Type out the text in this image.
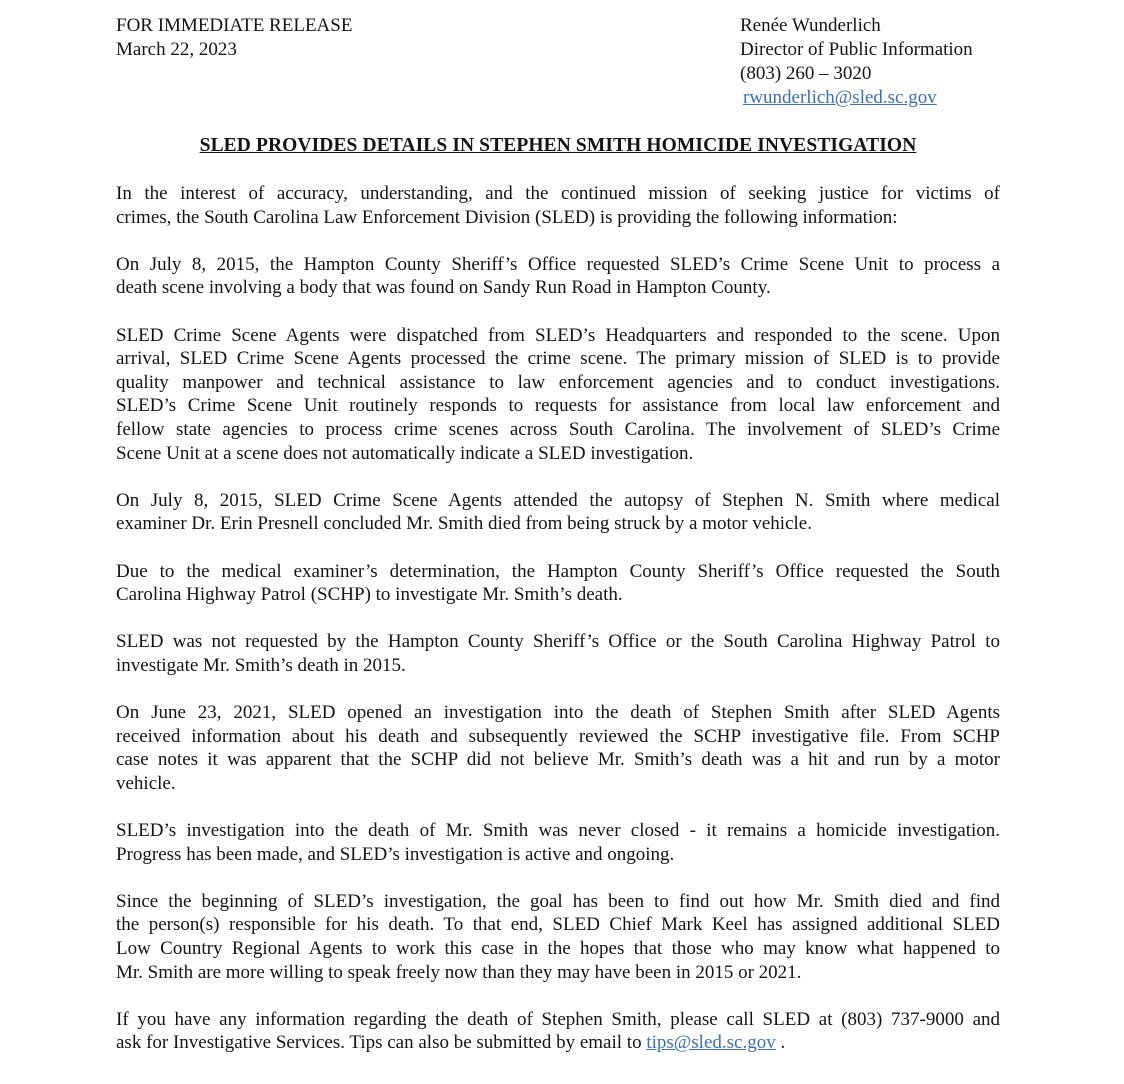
FOR IMMEDIATE RELEASE
March 22, 2023
Renée Wunderlich
Director of Public Information
(803) 260 – 3020
rwunderlich@sled.sc.gov
SLED PROVIDES DETAILS IN STEPHEN SMITH HOMICIDE INVESTIGATION
In the interest of accuracy, understanding, and the continued mission of seeking justice for victims of
crimes, the South Carolina Law Enforcement Division (SLED) is providing the following information:
On July 8, 2015, the Hampton County Sheriff’s Office requested SLED’s Crime Scene Unit to process a
death scene involving a body that was found on Sandy Run Road in Hampton County.
SLED Crime Scene Agents were dispatched from SLED’s Headquarters and responded to the scene. Upon
arrival, SLED Crime Scene Agents processed the crime scene. The primary mission of SLED is to provide
quality manpower and technical assistance to law enforcement agencies and to conduct investigations.
SLED’s Crime Scene Unit routinely responds to requests for assistance from local law enforcement and
fellow state agencies to process crime scenes across South Carolina. The involvement of SLED’s Crime
Scene Unit at a scene does not automatically indicate a SLED investigation.
On July 8, 2015, SLED Crime Scene Agents attended the autopsy of Stephen N. Smith where medical
examiner Dr. Erin Presnell concluded Mr. Smith died from being struck by a motor vehicle.
Due to the medical examiner’s determination, the Hampton County Sheriff’s Office requested the South
Carolina Highway Patrol (SCHP) to investigate Mr. Smith’s death.
SLED was not requested by the Hampton County Sheriff’s Office or the South Carolina Highway Patrol to
investigate Mr. Smith’s death in 2015.
On June 23, 2021, SLED opened an investigation into the death of Stephen Smith after SLED Agents
received information about his death and subsequently reviewed the SCHP investigative file. From SCHP
case notes it was apparent that the SCHP did not believe Mr. Smith’s death was a hit and run by a motor
vehicle.
SLED’s investigation into the death of Mr. Smith was never closed - it remains a homicide investigation.
Progress has been made, and SLED’s investigation is active and ongoing.
Since the beginning of SLED’s investigation, the goal has been to find out how Mr. Smith died and find
the person(s) responsible for his death. To that end, SLED Chief Mark Keel has assigned additional SLED
Low Country Regional Agents to work this case in the hopes that those who may know what happened to
Mr. Smith are more willing to speak freely now than they may have been in 2015 or 2021.
If you have any information regarding the death of Stephen Smith, please call SLED at (803) 737-9000 and
ask for Investigative Services. Tips can also be submitted by email to tips@sled.sc.gov .
